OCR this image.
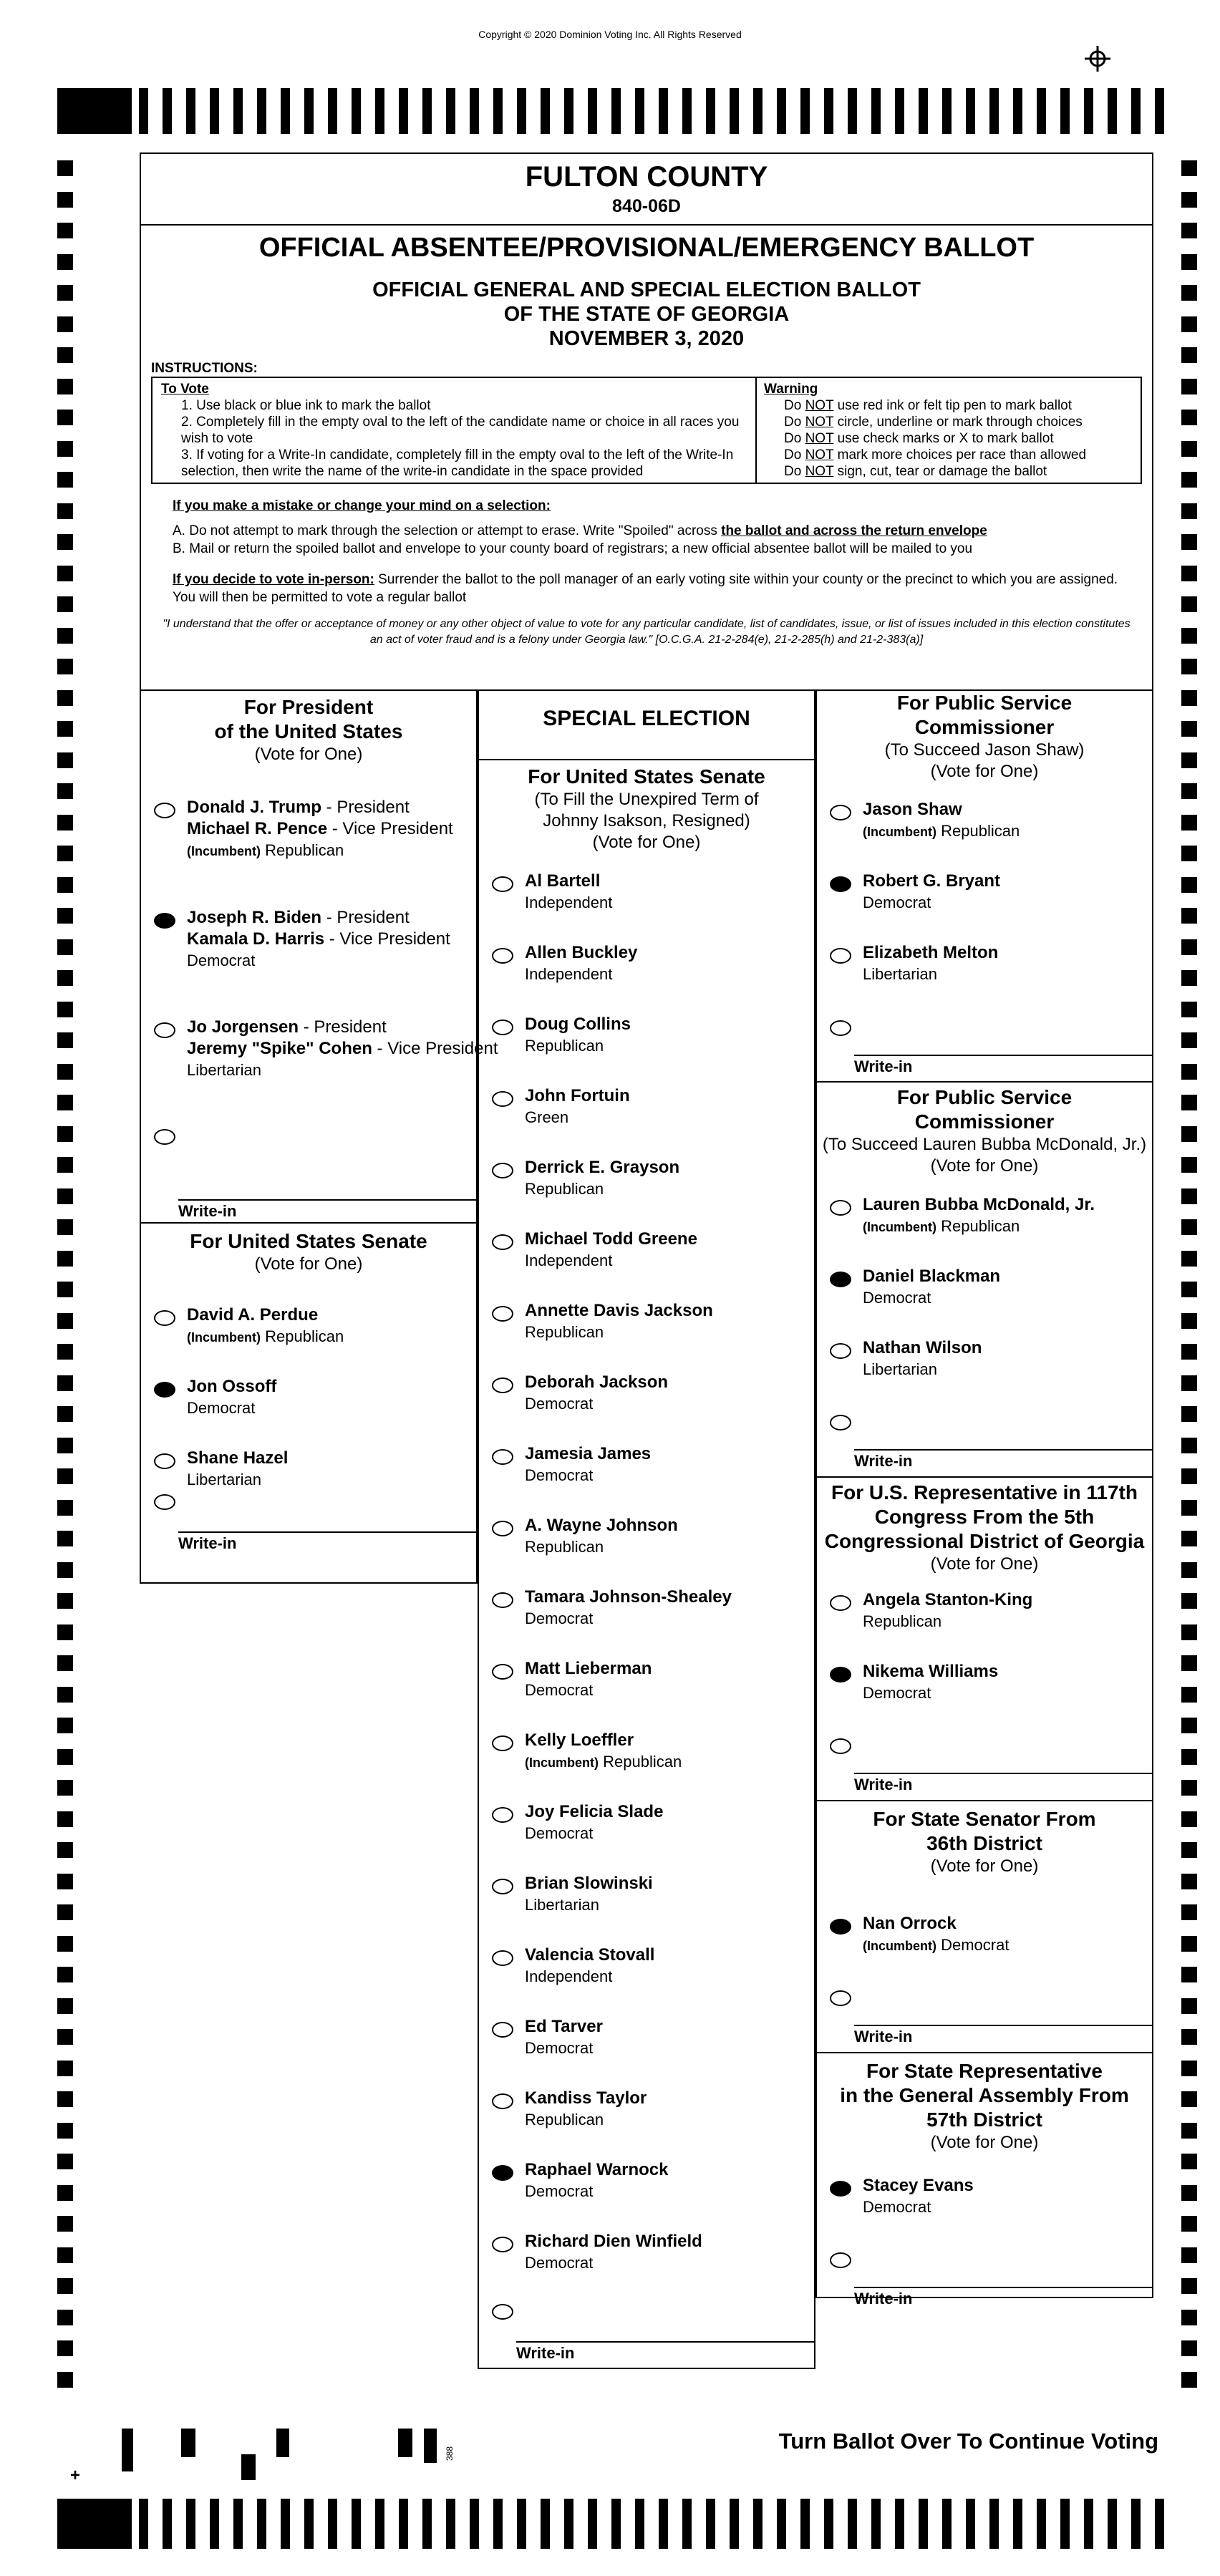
Copyright © 2020 Dominion Voting Inc. All Rights Reserved
FULTON COUNTY
840-06D
OFFICIAL ABSENTEE/PROVISIONAL/EMERGENCY BALLOT
OFFICIAL GENERAL AND SPECIAL ELECTION BALLOT
OF THE STATE OF GEORGIA
NOVEMBER 3, 2020
INSTRUCTIONS:

To Vote

1. Use black or blue ink to mark the ballot

2. Completely fill in the empty oval to the left of the candidate name or choice in all races you wish to vote

3. If voting for a Write-In candidate, completely fill in the empty oval to the left of the Write-In selection, then write the name of the write-in candidate in the space provided

Warning

Do NOT use red ink or felt tip pen to mark ballot

Do NOT circle, underline or mark through choices

Do NOT use check marks or X to mark ballot

Do NOT mark more choices per race than allowed

Do NOT sign, cut, tear or damage the ballot

If you make a mistake or change your mind on a selection:
A. Do not attempt to mark through the selection or attempt to erase. Write "Spoiled" across the ballot and across the return envelope
B. Mail or return the spoiled ballot and envelope to your county board of registrars; a new official absentee ballot will be mailed to you
If you decide to vote in-person: Surrender the ballot to the poll manager of an early voting site within your county or the precinct to which you are assigned. You will then be permitted to vote a regular ballot
"I understand that the offer or acceptance of money or any other object of value to vote for any particular candidate, list of candidates, issue, or list of issues included in this election constitutes an act of voter fraud and is a felony under Georgia law." [O.C.G.A. 21-2-284(e), 21-2-285(h) and 21-2-383(a)]
For President
of the United States
(Vote for One)
Donald J. Trump - President
Michael R. Pence - Vice President
(Incumbent) Republican
Joseph R. Biden - President
Kamala D. Harris - Vice President
Democrat
Jo Jorgensen - President
Jeremy "Spike" Cohen - Vice President
Libertarian
Write-in
For United States Senate
(Vote for One)
David A. Perdue
(Incumbent) Republican
Jon Ossoff
Democrat
Shane Hazel
Libertarian
Write-in
SPECIAL ELECTION
For United States Senate
(To Fill the Unexpired Term of
Johnny Isakson, Resigned)
(Vote for One)
Al Bartell
Independent
Allen Buckley
Independent
Doug Collins
Republican
John Fortuin
Green
Derrick E. Grayson
Republican
Michael Todd Greene
Independent
Annette Davis Jackson
Republican
Deborah Jackson
Democrat
Jamesia James
Democrat
A. Wayne Johnson
Republican
Tamara Johnson-Shealey
Democrat
Matt Lieberman
Democrat
Kelly Loeffler
(Incumbent) Republican
Joy Felicia Slade
Democrat
Brian Slowinski
Libertarian
Valencia Stovall
Independent
Ed Tarver
Democrat
Kandiss Taylor
Republican
Raphael Warnock
Democrat
Richard Dien Winfield
Democrat
Write-in
For Public Service
Commissioner
(To Succeed Jason Shaw)
(Vote for One)
Jason Shaw
(Incumbent) Republican
Robert G. Bryant
Democrat
Elizabeth Melton
Libertarian
Write-in
For Public Service
Commissioner
(To Succeed Lauren Bubba McDonald, Jr.)
(Vote for One)
Lauren Bubba McDonald, Jr.
(Incumbent) Republican
Daniel Blackman
Democrat
Nathan Wilson
Libertarian
Write-in
For U.S. Representative in 117th
Congress From the 5th
Congressional District of Georgia
(Vote for One)
Angela Stanton-King
Republican
Nikema Williams
Democrat
Write-in
For State Senator From
36th District
(Vote for One)
Nan Orrock
(Incumbent) Democrat
Write-in
For State Representative
in the General Assembly From
57th District
(Vote for One)
Stacey Evans
Democrat
Write-in
Turn Ballot Over To Continue Voting
+
388
